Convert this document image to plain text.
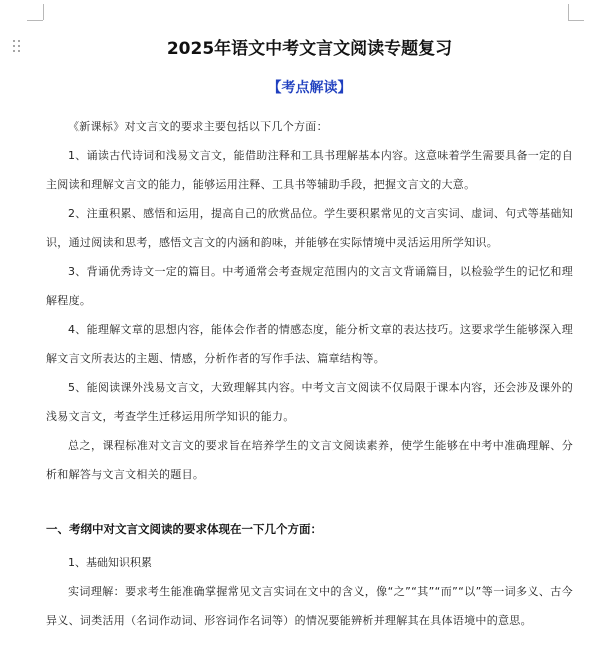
2025年语文中考文言文阅读专题复习
【考点解读】

《新课标》对文言文的要求主要包括以下几个方面：

1、诵读古代诗词和浅易文言文，能借助注释和工具书理解基本内容。这意味着学生需要具备一定的自主阅读和理解文言文的能力，能够运用注释、工具书等辅助手段，把握文言文的大意。

2、注重积累、感悟和运用，提高自己的欣赏品位。学生要积累常见的文言实词、虚词、句式等基础知识，通过阅读和思考，感悟文言文的内涵和韵味，并能够在实际情境中灵活运用所学知识。

3、背诵优秀诗文一定的篇目。中考通常会考查规定范围内的文言文背诵篇目，以检验学生的记忆和理解程度。

4、能理解文章的思想内容，能体会作者的情感态度，能分析文章的表达技巧。这要求学生能够深入理解文言文所表达的主题、情感，分析作者的写作手法、篇章结构等。

5、能阅读课外浅易文言文，大致理解其内容。中考文言文阅读不仅局限于课本内容，还会涉及课外的浅易文言文，考查学生迁移运用所学知识的能力。

总之，课程标准对文言文的要求旨在培养学生的文言文阅读素养，使学生能够在中考中准确理解、分析和解答与文言文相关的题目。

一、考纲中对文言文阅读的要求体现在一下几个方面：
1、基础知识积累

实词理解：要求考生能准确掌握常见文言实词在文中的含义，像“之”“其”“而”“以”等一词多义、古今异义、词类活用（名词作动词、形容词作名词等）的情况要能辨析并理解其在具体语境中的意思。
